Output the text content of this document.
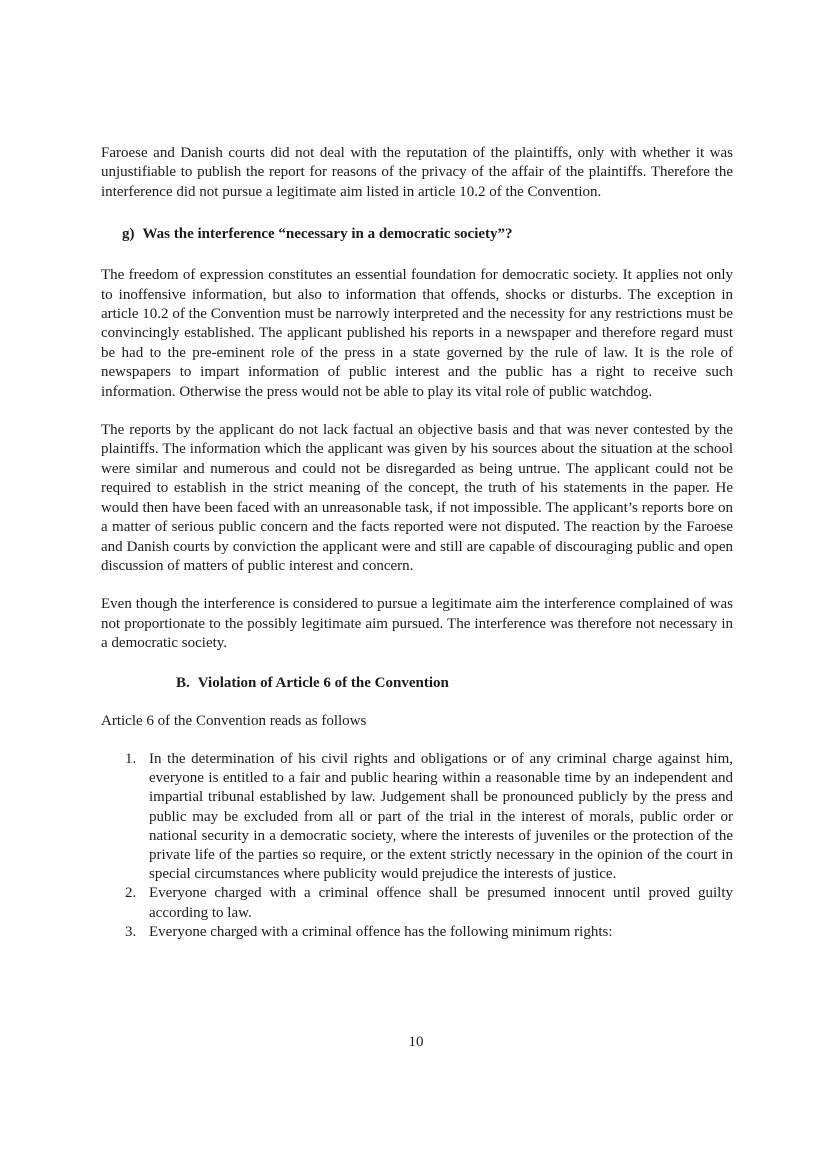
Faroese and Danish courts did not deal with the reputation of the plaintiffs, only with whether it was unjustifiable to publish the report for reasons of the privacy of the affair of the plaintiffs. Therefore the interference did not pursue a legitimate aim listed in article 10.2 of the Convention.

g) Was the interference “necessary in a democratic society”?

The freedom of expression constitutes an essential foundation for democratic society. It applies not only to inoffensive information, but also to information that offends, shocks or disturbs. The exception in article 10.2 of the Convention must be narrowly interpreted and the necessity for any restrictions must be convincingly established. The applicant published his reports in a newspaper and therefore regard must be had to the pre-eminent role of the press in a state governed by the rule of law. It is the role of newspapers to impart information of public interest and the public has a right to receive such information. Otherwise the press would not be able to play its vital role of public watchdog.

The reports by the applicant do not lack factual an objective basis and that was never contested by the plaintiffs. The information which the applicant was given by his sources about the situation at the school were similar and numerous and could not be disregarded as being untrue. The applicant could not be required to establish in the strict meaning of the concept, the truth of his statements in the paper. He would then have been faced with an unreasonable task, if not impossible. The applicant’s reports bore on a matter of serious public concern and the facts reported were not disputed. The reaction by the Faroese and Danish courts by conviction the applicant were and still are capable of discouraging public and open discussion of matters of public interest and concern.

Even though the interference is considered to pursue a legitimate aim the interference complained of was not proportionate to the possibly legitimate aim pursued. The interference was therefore not necessary in a democratic society.

B. Violation of Article 6 of the Convention

Article 6 of the Convention reads as follows

1. In the determination of his civil rights and obligations or of any criminal charge against him, everyone is entitled to a fair and public hearing within a reasonable time by an independent and impartial tribunal established by law. Judgement shall be pronounced publicly by the press and public may be excluded from all or part of the trial in the interest of morals, public order or national security in a democratic society, where the interests of juveniles or the protection of the private life of the parties so require, or the extent strictly necessary in the opinion of the court in special circumstances where publicity would prejudice the interests of justice.
2. Everyone charged with a criminal offence shall be presumed innocent until proved guilty according to law.
3. Everyone charged with a criminal offence has the following minimum rights:
10
